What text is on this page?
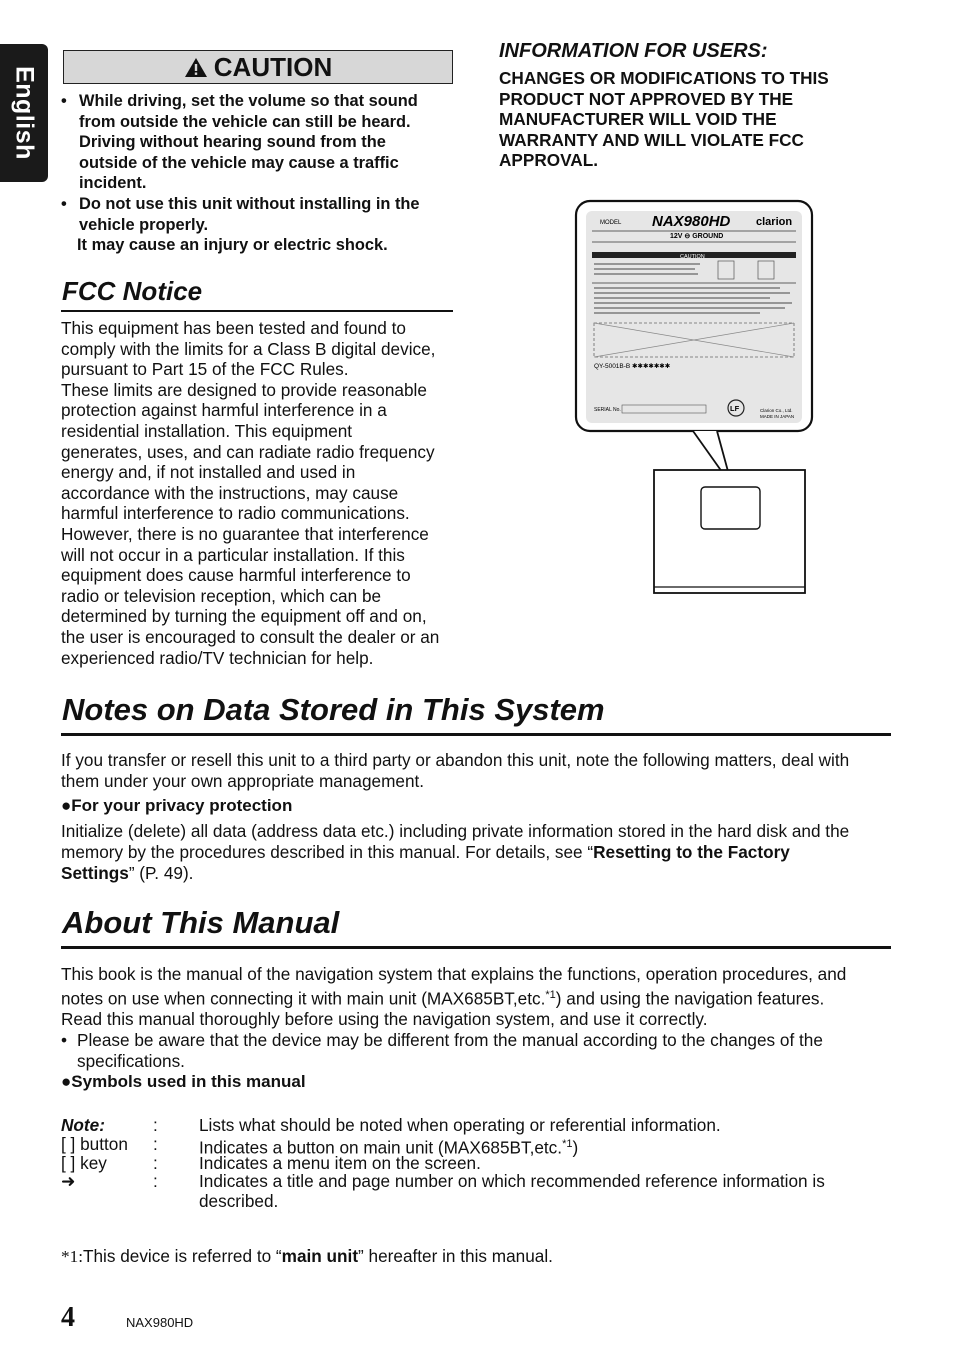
English	CAUTION
• While driving, set the volume so that sound
from outside the vehicle can still be heard.
Driving without hearing sound from the
outside of the vehicle may cause a traffic
incident.
• Do not use this unit without installing in the
vehicle properly.
It may cause an injury or electric shock.
FCC Notice
This equipment has been tested and found to
comply with the limits for a Class B digital device,
pursuant to Part 15 of the FCC Rules.
These limits are designed to provide reasonable
protection against harmful interference in a
residential installation. This equipment
generates, uses, and can radiate radio frequency
energy and, if not installed and used in
accordance with the instructions, may cause
harmful interference to radio communications.
However, there is no guarantee that interference
will not occur in a particular installation. If this
equipment does cause harmful interference to
radio or television reception, which can be
determined by turning the equipment off and on,
the user is encouraged to consult the dealer or an
experienced radio/TV technician for help.
INFORMATION FOR USERS:
CHANGES OR MODIFICATIONS TO THIS
PRODUCT NOT APPROVED BY THE
MANUFACTURER WILL VOID THE
WARRANTY AND WILL VIOLATE FCC
APPROVAL.
MODEL NAX980HD clarion
12V ⊖ GROUND
CAUTION
QY-5001B-B ✱✱✱✱✱✱✱
SERIAL No.	LF	Clarion Co., Ltd.
MADE IN JAPAN
Notes on Data Stored in This System
If you transfer or resell this unit to a third party or abandon this unit, note the following matters, deal with
them under your own appropriate management.
●For your privacy protection
Initialize (delete) all data (address data etc.) including private information stored in the hard disk and the
memory by the procedures described in this manual. For details, see “Resetting to the Factory
Settings” (P. 49).
About This Manual
This book is the manual of the navigation system that explains the functions, operation procedures, and
notes on use when connecting it with main unit (MAX685BT,etc.$^{*1}$) and using the navigation features.
Read this manual thoroughly before using the navigation system, and use it correctly.
• Please be aware that the device may be different from the manual according to the changes of the
specifications.
●Symbols used in this manual
Note:	: Lists what should be noted when operating or referential information.
[ ] button : Indicates a button on main unit (MAX685BT,etc.$^{*1}$)
[ ] key	: Indicates a menu item on the screen.
➜	: Indicates a title and page number on which recommended reference information is
described.
*1:This device is referred to “main unit” hereafter in this manual.
4	NAX980HD
